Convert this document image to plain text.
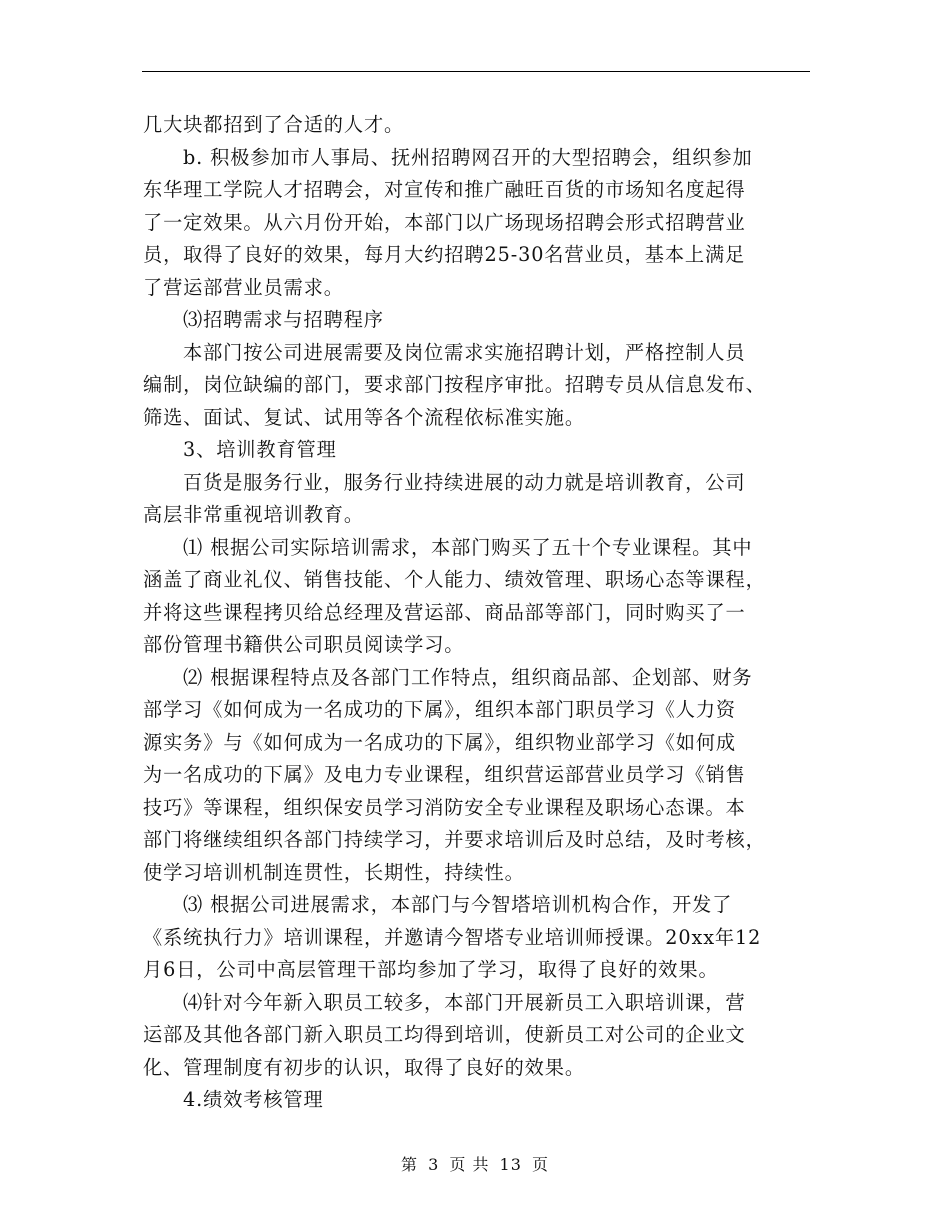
几大块都招到了合适的人才。
b. 积极参加市人事局、抚州招聘网召开的大型招聘会，组织参加
东华理工学院人才招聘会，对宣传和推广融旺百货的市场知名度起得
了一定效果。从六月份开始，本部门以广场现场招聘会形式招聘营业
员，取得了良好的效果，每月大约招聘25-30名营业员，基本上满足
了营运部营业员需求。
⑶招聘需求与招聘程序
本部门按公司进展需要及岗位需求实施招聘计划，严格控制人员
编制，岗位缺编的部门，要求部门按程序审批。招聘专员从信息发布、
筛选、面试、复试、试用等各个流程依标准实施。
3、培训教育管理
百货是服务行业，服务行业持续进展的动力就是培训教育，公司
高层非常重视培训教育。
⑴ 根据公司实际培训需求，本部门购买了五十个专业课程。其中
涵盖了商业礼仪、销售技能、个人能力、绩效管理、职场心态等课程，
并将这些课程拷贝给总经理及营运部、商品部等部门，同时购买了一
部份管理书籍供公司职员阅读学习。
⑵ 根据课程特点及各部门工作特点，组织商品部、企划部、财务
部学习《如何成为一名成功的下属》，组织本部门职员学习《人力资
源实务》与《如何成为一名成功的下属》，组织物业部学习《如何成
为一名成功的下属》及电力专业课程，组织营运部营业员学习《销售
技巧》等课程，组织保安员学习消防安全专业课程及职场心态课。本
部门将继续组织各部门持续学习，并要求培训后及时总结，及时考核，
使学习培训机制连贯性，长期性，持续性。
⑶ 根据公司进展需求，本部门与今智塔培训机构合作，开发了
《系统执行力》培训课程，并邀请今智塔专业培训师授课。20xx年12
月6日，公司中高层管理干部均参加了学习，取得了良好的效果。
⑷针对今年新入职员工较多，本部门开展新员工入职培训课，营
运部及其他各部门新入职员工均得到培训，使新员工对公司的企业文
化、管理制度有初步的认识，取得了良好的效果。
4.绩效考核管理
第 3 页 共 13 页
